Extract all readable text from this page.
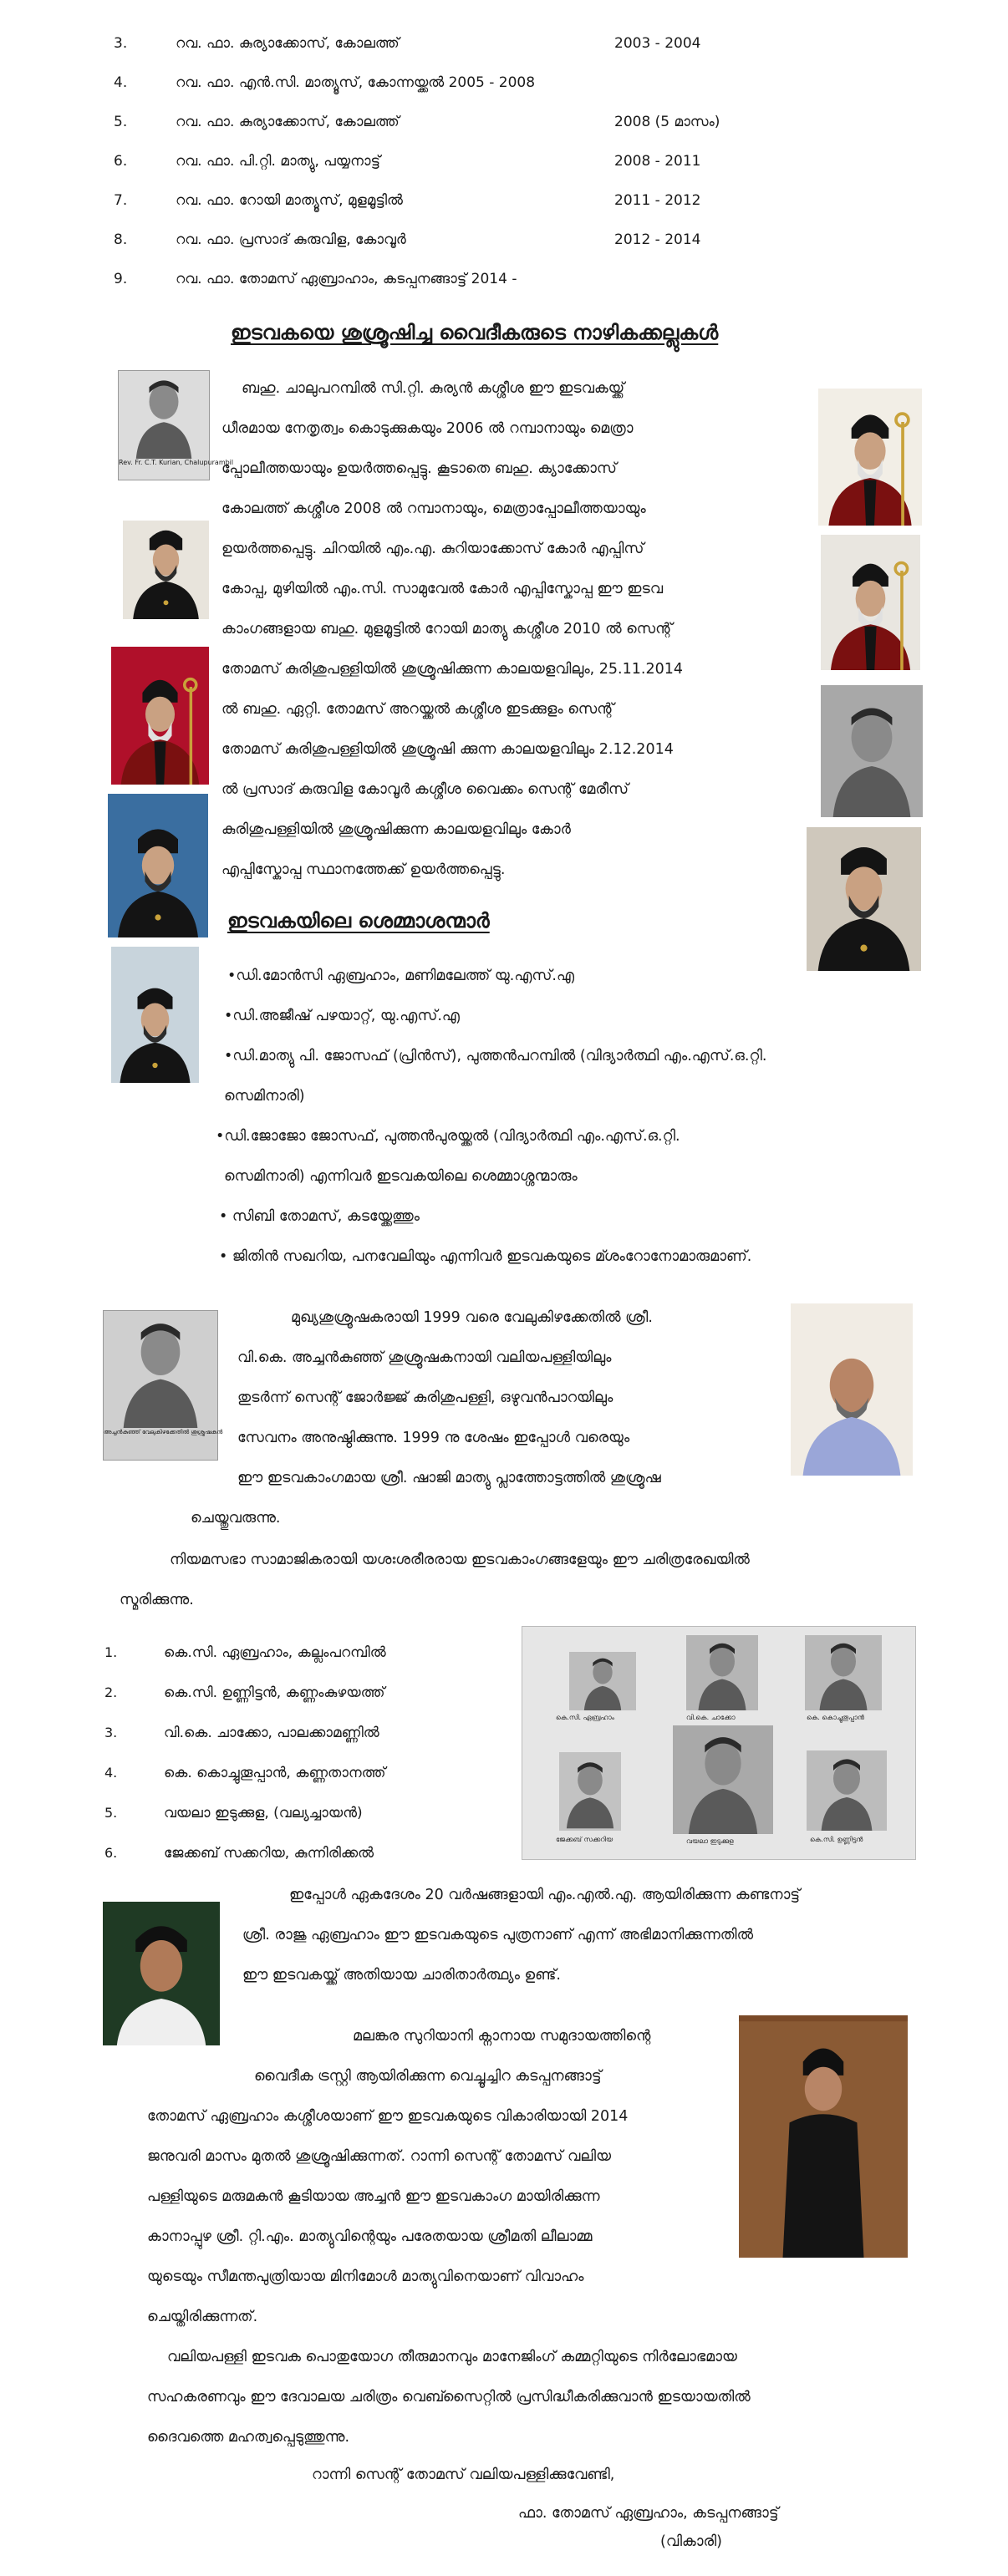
3.	റവ. ഫാ. കുര്യാക്കോസ്, കോലത്ത്	2003 - 2004
4.	റവ. ഫാ. എൻ.സി. മാത്യൂസ്, കോന്നയ്ക്കൽ 2005 - 2008
5.	റവ. ഫാ. കുര്യാക്കോസ്, കോലത്ത്	2008 (5 മാസം)
6.	റവ. ഫാ. പി.റ്റി. മാത്യു, പയ്യനാട്ട്	2008 - 2011
7.	റവ. ഫാ. റോയി മാത്യൂസ്, മുളമൂട്ടിൽ	2011 - 2012
8.	റവ. ഫാ. പ്രസാദ് കുരുവിള, കോവൂർ	2012 - 2014
9.	റവ. ഫാ. തോമസ് ഏബ്രാഹാം, കടപ്പനങ്ങാട്ട് 2014 -
ഇടവകയെ ശുശ്രൂഷിച്ച വൈദീകരുടെ നാഴികക്കല്ലുകൾ
Rev. Fr. C.T. Kurian, Chalupurambil

ബഹു. ചാലുപറമ്പിൽ സി.റ്റി. കുര്യൻ കശ്ശീശ ഈ ഇടവകയ്ക്ക്

ധീരമായ നേതൃത്വം കൊടുക്കുകയും 2006 ൽ റമ്പാനായും മെത്രാ

പ്പോലീത്തയായും ഉയർത്തപ്പെട്ടു. കൂടാതെ ബഹു. ക്യാക്കോസ്

കോലത്ത് കശ്ശീശ 2008 ൽ റമ്പാനായും, മെത്രാപ്പോലീത്തയായും

ഉയർത്തപ്പെട്ടു. ചിറയിൽ എം.എ. കുറിയാക്കോസ് കോർ എപ്പിസ്

കോപ്പ, മുഴിയിൽ എം.സി. സാമുവേൽ കോർ എപ്പിസ്കോപ്പ ഈ ഇടവ

കാംഗങ്ങളായ ബഹു. മുളമൂട്ടിൽ റോയി മാത്യു കശ്ശീശ 2010 ൽ സെന്റ്

തോമസ് കുരിശുപള്ളിയിൽ ശുശ്രൂഷിക്കുന്ന കാലയളവിലും, 25.11.2014

ൽ ബഹു. ഏറ്റി. തോമസ് അറയ്ക്കൽ കശ്ശീശ ഇടക്കുളം സെന്റ്

തോമസ് കുരിശുപള്ളിയിൽ ശുശ്രൂഷി ക്കുന്ന കാലയളവിലും 2.12.2014

ൽ പ്രസാദ് കുരുവിള കോവൂർ കശ്ശീശ വൈക്കം സെന്റ് മേരീസ്

കുരിശുപള്ളിയിൽ ശുശ്രൂഷിക്കുന്ന കാലയളവിലും കോർ

എപ്പിസ്കോപ്പ സ്ഥാനത്തേക്ക് ഉയർത്തപ്പെട്ടു.

ഇടവകയിലെ ശെമ്മാശന്മാർ
•ഡി.മോൻസി ഏബ്രഹാം, മണിമലേത്ത് യു.എസ്.എ
•ഡി.അജീഷ് പഴയാറ്റ്, യു.എസ്.എ
•ഡി.മാത്യു പി. ജോസഫ് (പ്രിൻസ്), പുത്തൻപറമ്പിൽ (വിദ്യാർത്ഥി എം.എസ്.ഒ.റ്റി.
സെമിനാരി)
•ഡി.ജോജോ ജോസഫ്, പുത്തൻപുരയ്ക്കൽ (വിദ്യാർത്ഥി എം.എസ്.ഒ.റ്റി.
സെമിനാരി) എന്നിവർ ഇടവകയിലെ ശെമ്മാശ്ശന്മാരും
• സിബി തോമസ്, കടയ്ക്കേത്തും
• ജിതിൻ സഖറിയ, പനവേലിയും എന്നിവർ ഇടവകയുടെ മ്ശംറോനോമാരുമാണ്.
അച്ചൻകുഞ്ഞ് വേലുകിഴക്കേതിൽ ശുശ്രൂഷകൻ

മുഖ്യശുശ്രൂഷകരായി 1999 വരെ വേലുകിഴക്കേതിൽ ശ്രീ.

വി.കെ. അച്ചൻകുഞ്ഞ് ശുശ്രൂഷകനായി വലിയപള്ളിയിലും

തുടർന്ന് സെന്റ് ജോർജ്ജ് കുരിശുപള്ളി, ഒഴുവൻപാറയിലും

സേവനം അനുഷ്ഠിക്കുന്നു. 1999 നു ശേഷം ഇപ്പോൾ വരെയും

ഈ ഇടവകാംഗമായ ശ്രീ. ഷാജി മാത്യു പ്ലാത്തോട്ടത്തിൽ ശുശ്രൂഷ

ചെയ്തുവരുന്നു.

നിയമസഭാ സാമാജികരായി യശഃശരീരരായ ഇടവകാംഗങ്ങളേയും ഈ ചരിത്രരേഖയിൽ

സ്മരിക്കുന്നു.

1.	കെ.സി. ഏബ്രഹാം, കല്ലംപറമ്പിൽ
2.	കെ.സി. ഉണ്ണിട്ടൻ, കണ്ണംകുഴയത്ത്
3.	വി.കെ. ചാക്കോ, പാലക്കാമണ്ണിൽ
4.	കെ. കൊച്ചുതൂപ്പാൻ, കണ്ണതാനത്ത്
5.	വയലാ ഇടുക്കുള, (വല്യച്ചായൻ)
6.	ജേക്കബ് സക്കറിയ, കുന്നിരിക്കൽ
കെ.സി. ഏബ്രഹാം	വി.കെ. ചാക്കോ	കെ. കൊച്ചുതൂപ്പാൻ
ജേക്കബ് സക്കറിയ	വയലാ ഇടുക്കുള	കെ.സി. ഉണ്ണിട്ടൻ

ഇപ്പോൾ ഏകദേശം 20 വർഷങ്ങളായി എം.എൽ.എ. ആയിരിക്കുന്ന കണ്ടനാട്ട്

ശ്രീ. രാജു ഏബ്രഹാം ഈ ഇടവകയുടെ പുത്രനാണ് എന്ന് അഭിമാനിക്കുന്നതിൽ

ഈ ഇടവകയ്ക്ക് അതിയായ ചാരിതാർത്ഥ്യം ഉണ്ട്.

മലങ്കര സുറിയാനി ക്നാനായ സമുദായത്തിന്റെ

വൈദീക ട്രസ്റ്റി ആയിരിക്കുന്ന വെച്ചൂച്ചിറ കടപ്പനങ്ങാട്ട്

തോമസ് ഏബ്രഹാം കശ്ശീശയാണ് ഈ ഇടവകയുടെ വികാരിയായി 2014

ജനുവരി മാസം മുതൽ ശുശ്രൂഷിക്കുന്നത്. റാന്നി സെന്റ് തോമസ് വലിയ

പള്ളിയുടെ മരുമകൻ കൂടിയായ അച്ചൻ ഈ ഇടവകാംഗ മായിരിക്കുന്ന

കാനാപ്പുഴ ശ്രീ. റ്റി.എം. മാത്യുവിന്റെയും പരേതയായ ശ്രീമതി ലീലാമ്മ

യുടെയും സീമന്തപുത്രിയായ മിനിമോൾ മാത്യുവിനെയാണ് വിവാഹം

ചെയ്തിരിക്കുന്നത്.

വലിയപള്ളി ഇടവക പൊതുയോഗ തീരുമാനവും മാനേജിംഗ് കമ്മറ്റിയുടെ നിർലോഭമായ

സഹകരണവും ഈ ദേവാലയ ചരിത്രം വെബ്സൈറ്റിൽ പ്രസിദ്ധീകരിക്കുവാൻ ഇടയായതിൽ

ദൈവത്തെ മഹത്വപ്പെടുത്തുന്നു.

റാന്നി സെന്റ് തോമസ് വലിയപള്ളിക്കുവേണ്ടി,
ഫാ. തോമസ് ഏബ്രഹാം, കടപ്പനങ്ങാട്ട്
(വികാരി)
